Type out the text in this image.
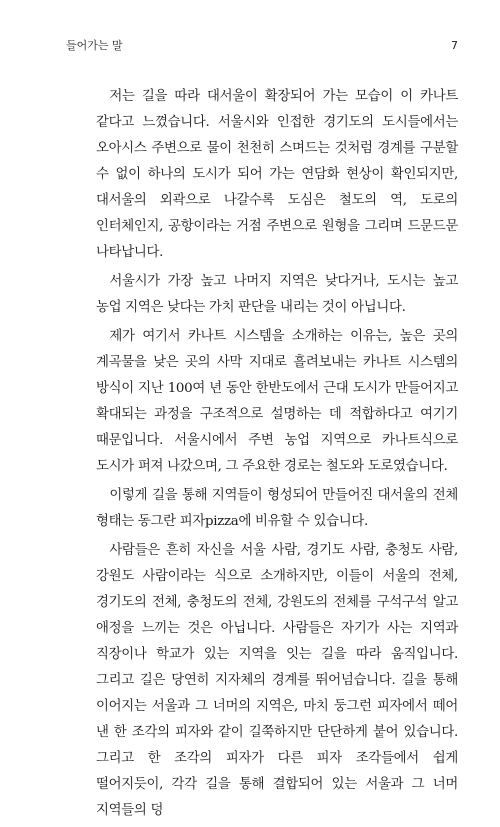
들어가는 말	7

저는 길을 따라 대서울이 확장되어 가는 모습이 이 카나트 같다고 느꼈습니다. 서울시와 인접한 경기도의 도시들에서는 오아시스 주변으로 물이 천천히 스며드는 것처럼 경계를 구분할 수 없이 하나의 도시가 되어 가는 연담화 현상이 확인되지만, 대서울의 외곽으로 나갈수록 도심은 철도의 역, 도로의 인터체인지, 공항이라는 거점 주변으로 원형을 그리며 드문드문 나타납니다.

서울시가 가장 높고 나머지 지역은 낮다거나, 도시는 높고 농업 지역은 낮다는 가치 판단을 내리는 것이 아닙니다.

제가 여기서 카나트 시스템을 소개하는 이유는, 높은 곳의 계곡물을 낮은 곳의 사막 지대로 흘려보내는 카나트 시스템의 방식이 지난 100여 년 동안 한반도에서 근대 도시가 만들어지고 확대되는 과정을 구조적으로 설명하는 데 적합하다고 여기기 때문입니다. 서울시에서 주변 농업 지역으로 카나트식으로 도시가 퍼져 나갔으며, 그 주요한 경로는 철도와 도로였습니다.

이렇게 길을 통해 지역들이 형성되어 만들어진 대서울의 전체 형태는 동그란 피자pizza에 비유할 수 있습니다.

사람들은 흔히 자신을 서울 사람, 경기도 사람, 충청도 사람, 강원도 사람이라는 식으로 소개하지만, 이들이 서울의 전체, 경기도의 전체, 충청도의 전체, 강원도의 전체를 구석구석 알고 애정을 느끼는 것은 아닙니다. 사람들은 자기가 사는 지역과 직장이나 학교가 있는 지역을 잇는 길을 따라 움직입니다. 그리고 길은 당연히 지자체의 경계를 뛰어넘습니다. 길을 통해 이어지는 서울과 그 너머의 지역은, 마치 둥그런 피자에서 떼어 낸 한 조각의 피자와 같이 길쭉하지만 단단하게 붙어 있습니다. 그리고 한 조각의 피자가 다른 피자 조각들에서 쉽게 떨어지듯이, 각각 길을 통해 결합되어 있는 서울과 그 너머 지역들의 덩
